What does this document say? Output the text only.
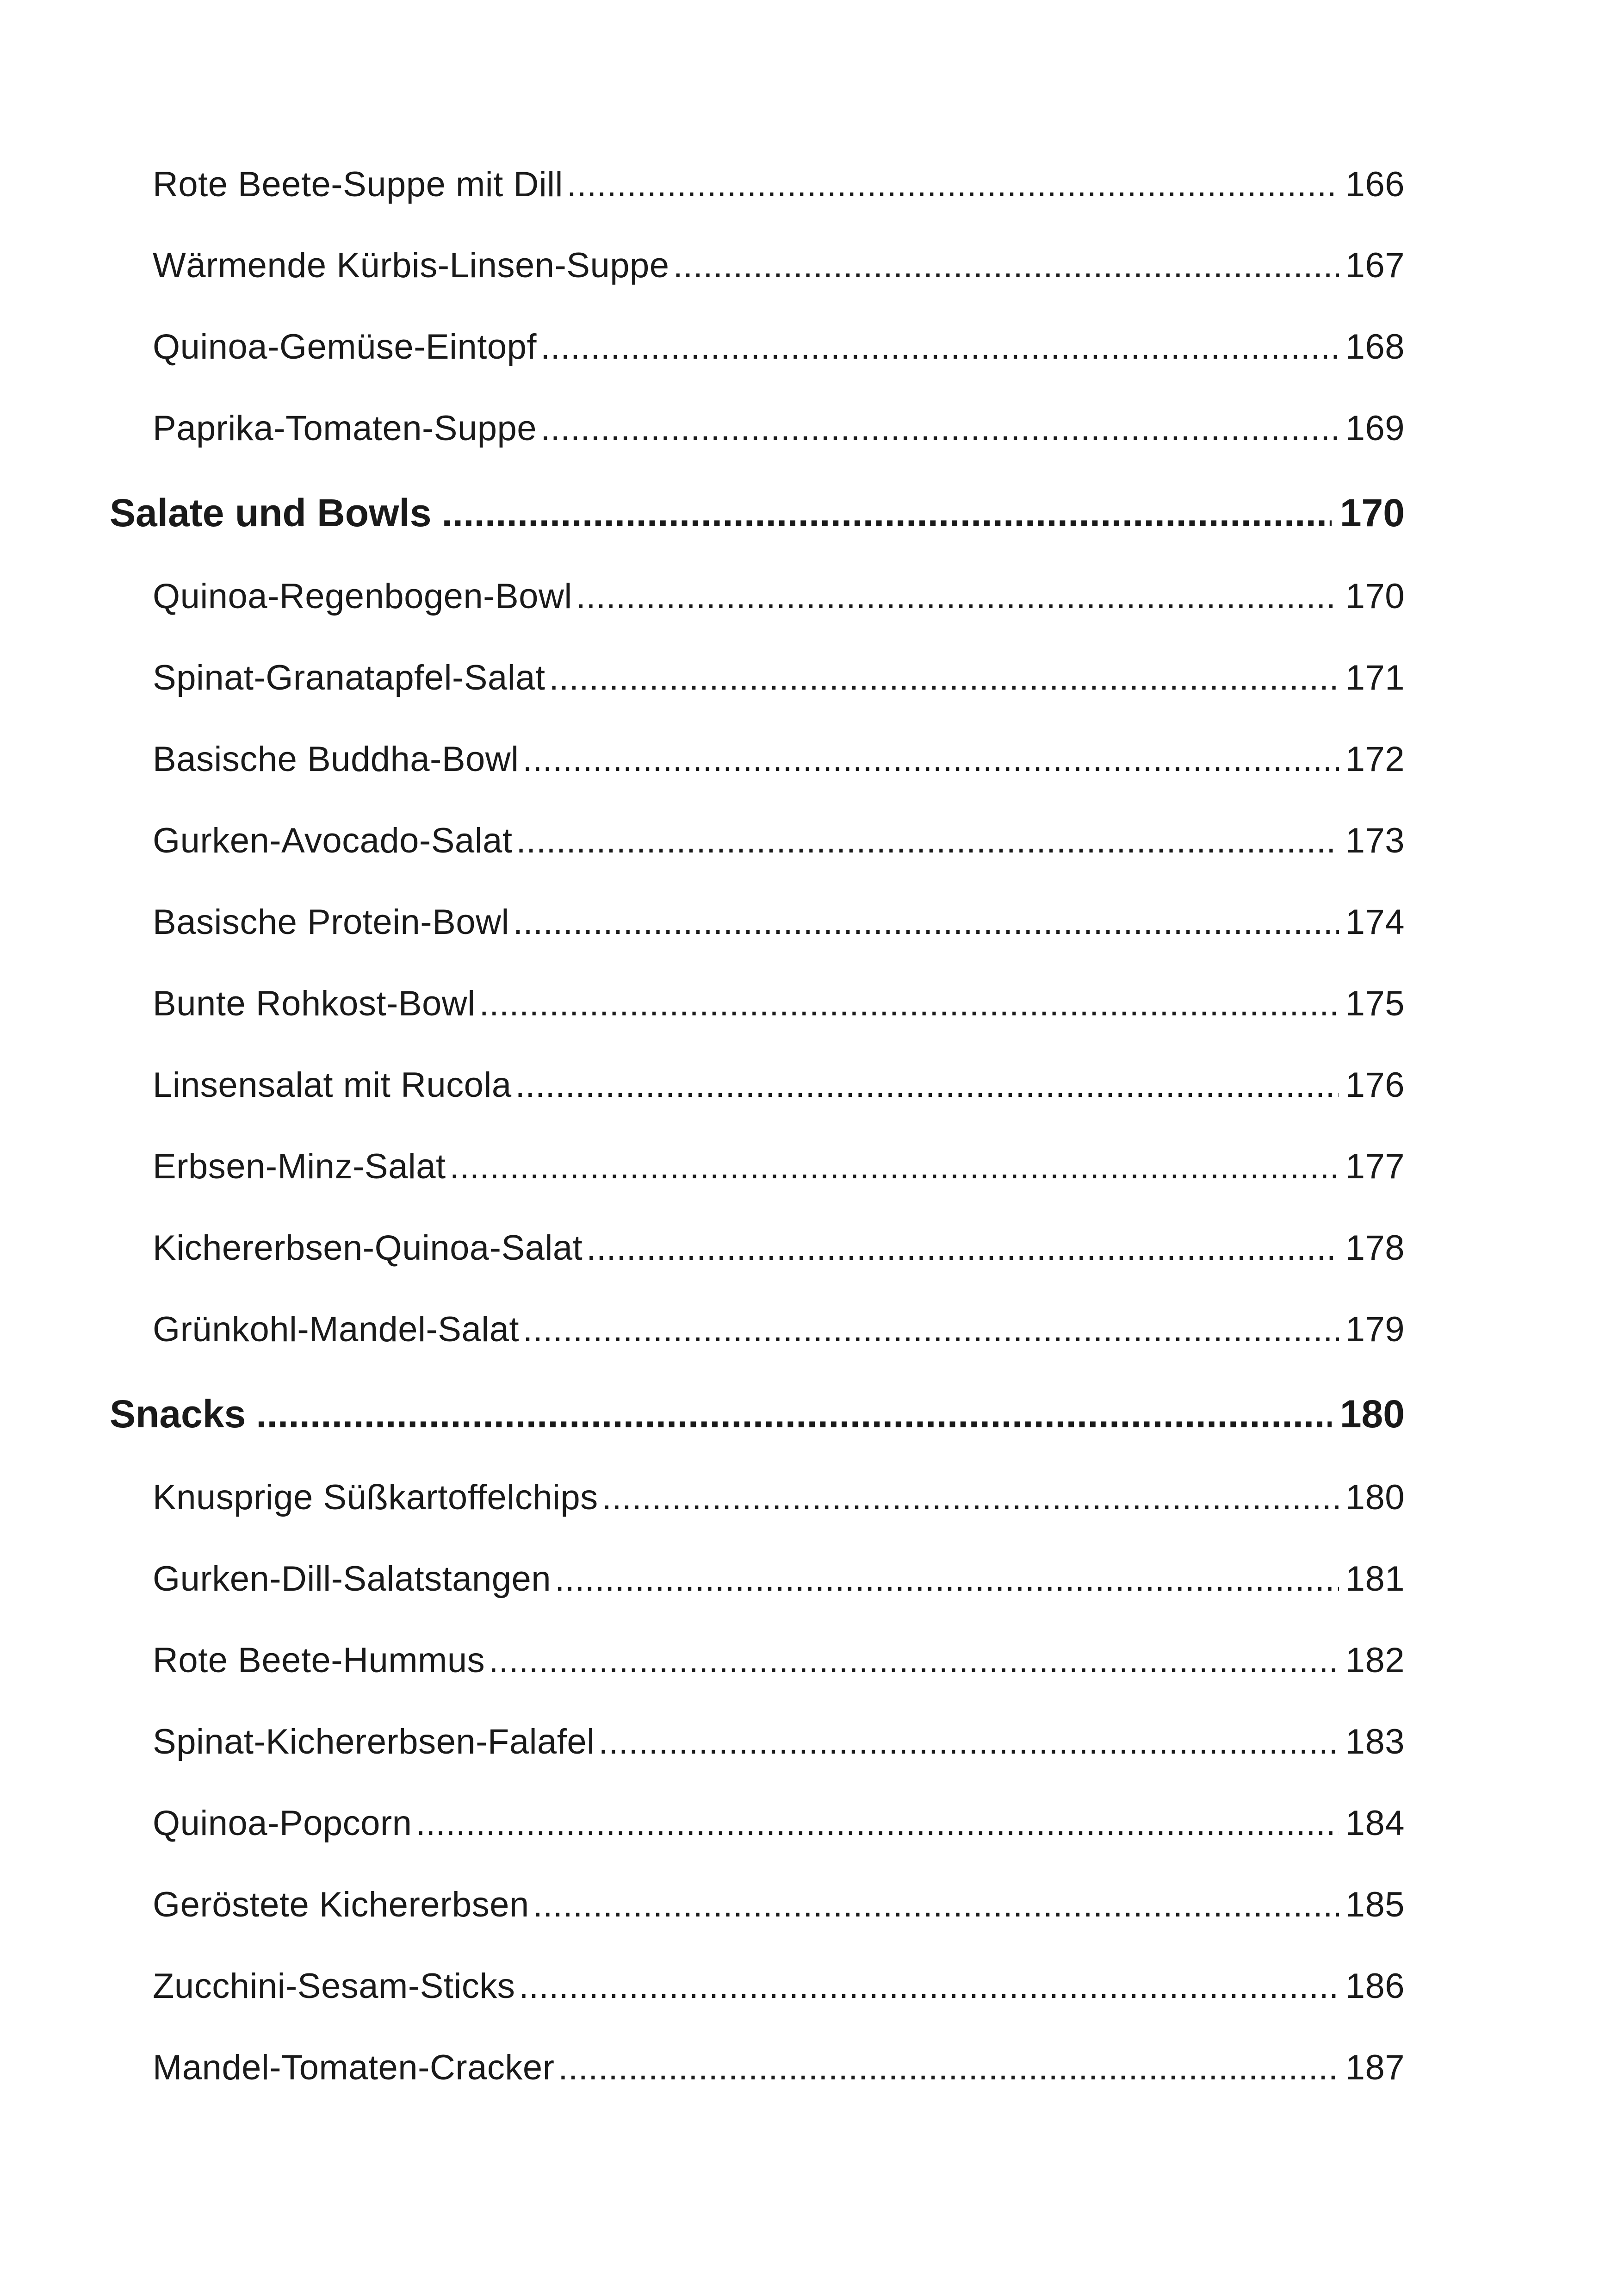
Rote Beete-Suppe mit Dill .....	166
Wärmende Kürbis-Linsen-Suppe .....	167
Quinoa-Gemüse-Eintopf .....	168
Paprika-Tomaten-Suppe .....	169
Salate und Bowls .....	170
Quinoa-Regenbogen-Bowl .....	170
Spinat-Granatapfel-Salat .....	171
Basische Buddha-Bowl .....	172
Gurken-Avocado-Salat .....	173
Basische Protein-Bowl .....	174
Bunte Rohkost-Bowl .....	175
Linsensalat mit Rucola .....	176
Erbsen-Minz-Salat .....	177
Kichererbsen-Quinoa-Salat .....	178
Grünkohl-Mandel-Salat .....	179
Snacks .....	180
Knusprige Süßkartoffelchips .....	180
Gurken-Dill-Salatstangen .....	181
Rote Beete-Hummus .....	182
Spinat-Kichererbsen-Falafel .....	183
Quinoa-Popcorn .....	184
Geröstete Kichererbsen .....	185
Zucchini-Sesam-Sticks .....	186
Mandel-Tomaten-Cracker .....	187
